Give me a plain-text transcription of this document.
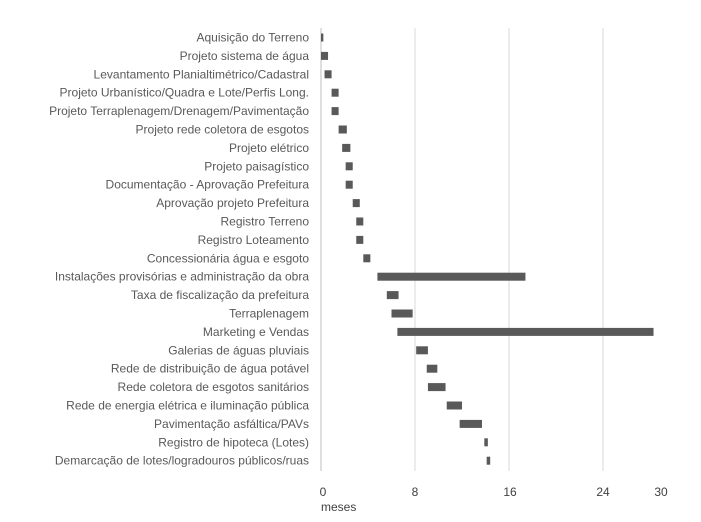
Aquisição do Terreno
Projeto sistema de água
Levantamento Planialtimétrico/Cadastral
Projeto Urbanístico/Quadra e Lote/Perfis Long.
Projeto Terraplenagem/Drenagem/Pavimentação
Projeto rede coletora de esgotos
Projeto elétrico
Projeto paisagístico
Documentação - Aprovação Prefeitura
Aprovação projeto Prefeitura
Registro Terreno
Registro Loteamento
Concessionária água e esgoto
Instalações provisórias e administração da obra
Taxa de fiscalização da prefeitura
Terraplenagem
Marketing e Vendas
Galerias de águas pluviais
Rede de distribuição de água potável
Rede coletora de esgotos sanitários
Rede de energia elétrica e iluminação pública
Pavimentação asfáltica/PAVs
Registro de hipoteca (Lotes)
Demarcação de lotes/logradouros públicos/ruas
0	8	16	24	30
meses
